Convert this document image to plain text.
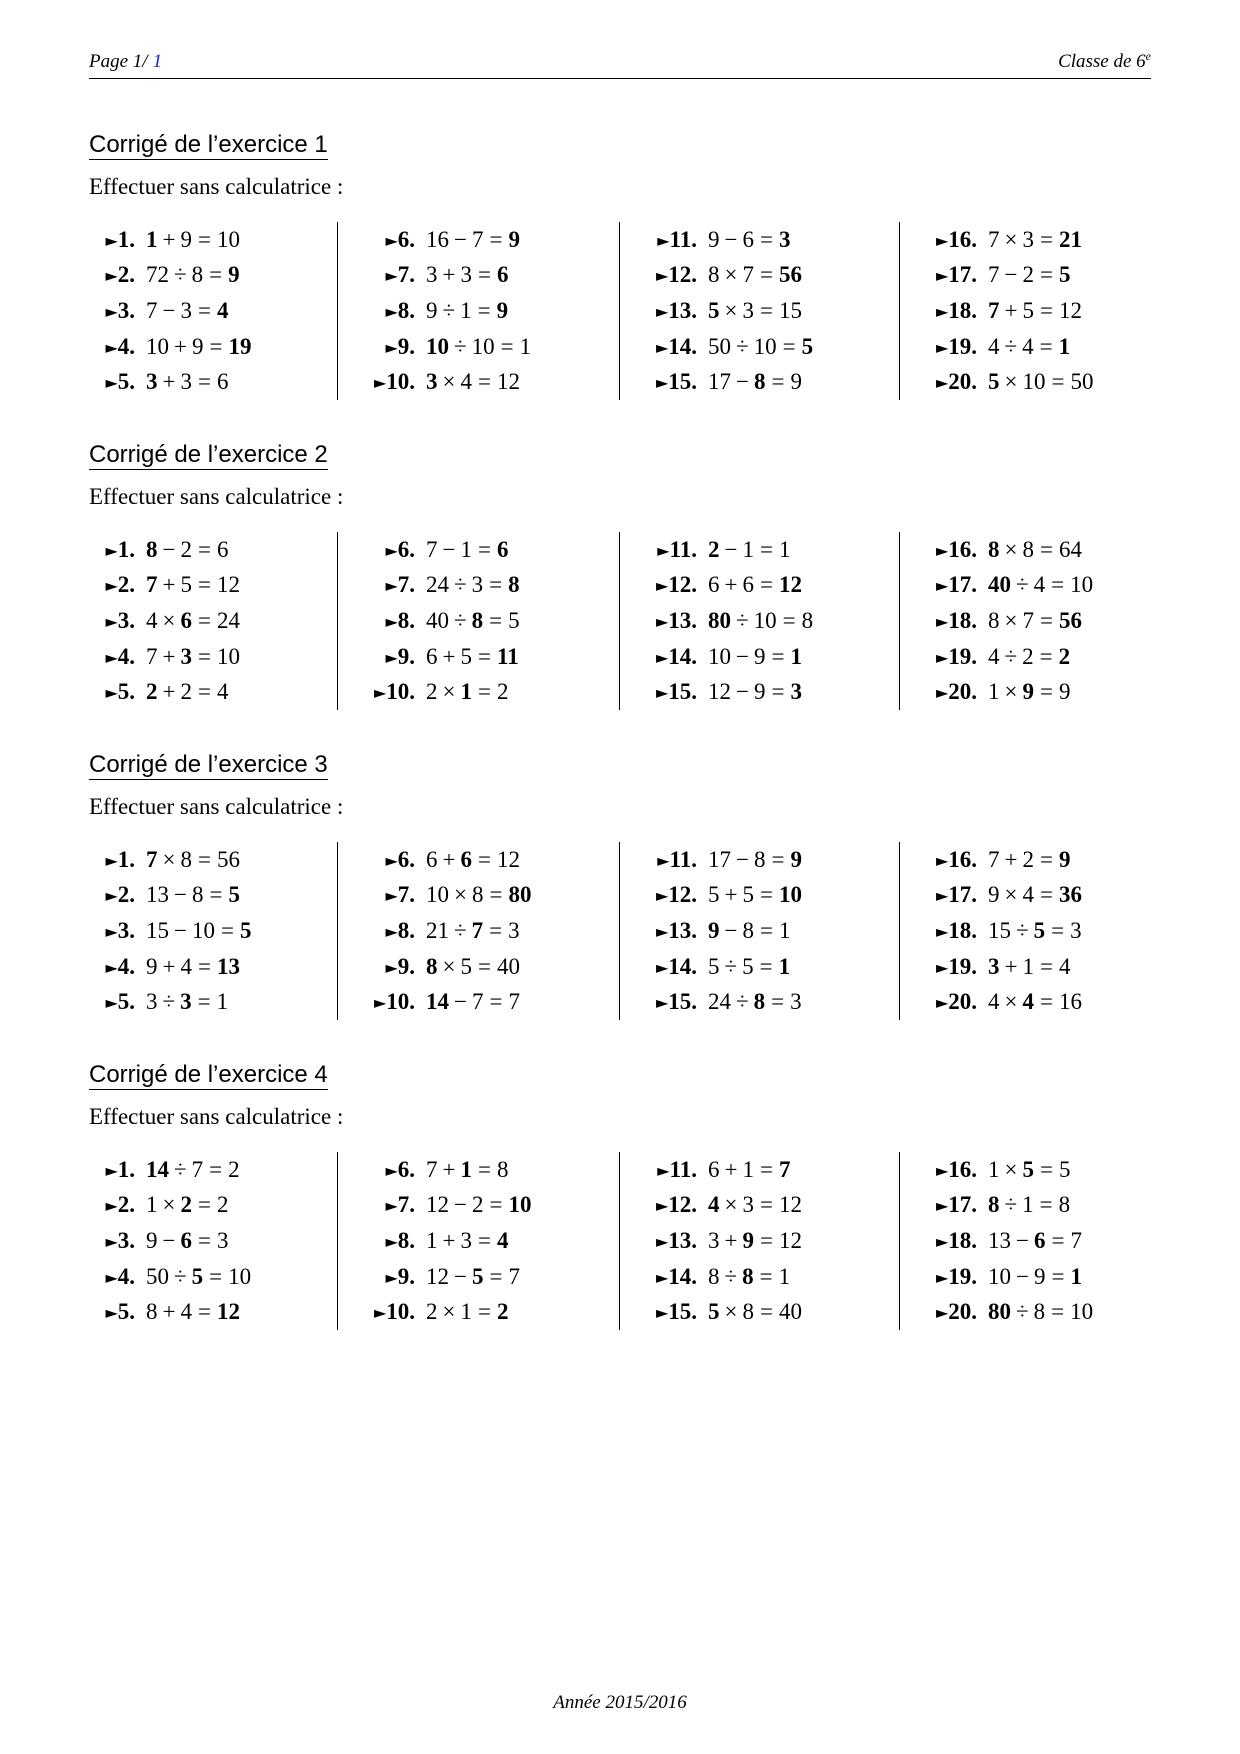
Page 1/ 1	Classe de 6e
Corrigé de l’exercice 1
Effectuer sans calculatrice :
►1. 1 + 9 = 10
►2. 72 ÷ 8 = 9
►3. 7 − 3 = 4
►4. 10 + 9 = 19
►5. 3 + 3 = 6
►6. 16 − 7 = 9
►7. 3 + 3 = 6
►8. 9 ÷ 1 = 9
►9. 10 ÷ 10 = 1
►10. 3 × 4 = 12
►11. 9 − 6 = 3
►12. 8 × 7 = 56
►13. 5 × 3 = 15
►14. 50 ÷ 10 = 5
►15. 17 − 8 = 9
►16. 7 × 3 = 21
►17. 7 − 2 = 5
►18. 7 + 5 = 12
►19. 4 ÷ 4 = 1
►20. 5 × 10 = 50
Corrigé de l’exercice 2
Effectuer sans calculatrice :
►1. 8 − 2 = 6
►2. 7 + 5 = 12
►3. 4 × 6 = 24
►4. 7 + 3 = 10
►5. 2 + 2 = 4
►6. 7 − 1 = 6
►7. 24 ÷ 3 = 8
►8. 40 ÷ 8 = 5
►9. 6 + 5 = 11
►10. 2 × 1 = 2
►11. 2 − 1 = 1
►12. 6 + 6 = 12
►13. 80 ÷ 10 = 8
►14. 10 − 9 = 1
►15. 12 − 9 = 3
►16. 8 × 8 = 64
►17. 40 ÷ 4 = 10
►18. 8 × 7 = 56
►19. 4 ÷ 2 = 2
►20. 1 × 9 = 9
Corrigé de l’exercice 3
Effectuer sans calculatrice :
►1. 7 × 8 = 56
►2. 13 − 8 = 5
►3. 15 − 10 = 5
►4. 9 + 4 = 13
►5. 3 ÷ 3 = 1
►6. 6 + 6 = 12
►7. 10 × 8 = 80
►8. 21 ÷ 7 = 3
►9. 8 × 5 = 40
►10. 14 − 7 = 7
►11. 17 − 8 = 9
►12. 5 + 5 = 10
►13. 9 − 8 = 1
►14. 5 ÷ 5 = 1
►15. 24 ÷ 8 = 3
►16. 7 + 2 = 9
►17. 9 × 4 = 36
►18. 15 ÷ 5 = 3
►19. 3 + 1 = 4
►20. 4 × 4 = 16
Corrigé de l’exercice 4
Effectuer sans calculatrice :
►1. 14 ÷ 7 = 2
►2. 1 × 2 = 2
►3. 9 − 6 = 3
►4. 50 ÷ 5 = 10
►5. 8 + 4 = 12
►6. 7 + 1 = 8
►7. 12 − 2 = 10
►8. 1 + 3 = 4
►9. 12 − 5 = 7
►10. 2 × 1 = 2
►11. 6 + 1 = 7
►12. 4 × 3 = 12
►13. 3 + 9 = 12
►14. 8 ÷ 8 = 1
►15. 5 × 8 = 40
►16. 1 × 5 = 5
►17. 8 ÷ 1 = 8
►18. 13 − 6 = 7
►19. 10 − 9 = 1
►20. 80 ÷ 8 = 10
Année 2015/2016
